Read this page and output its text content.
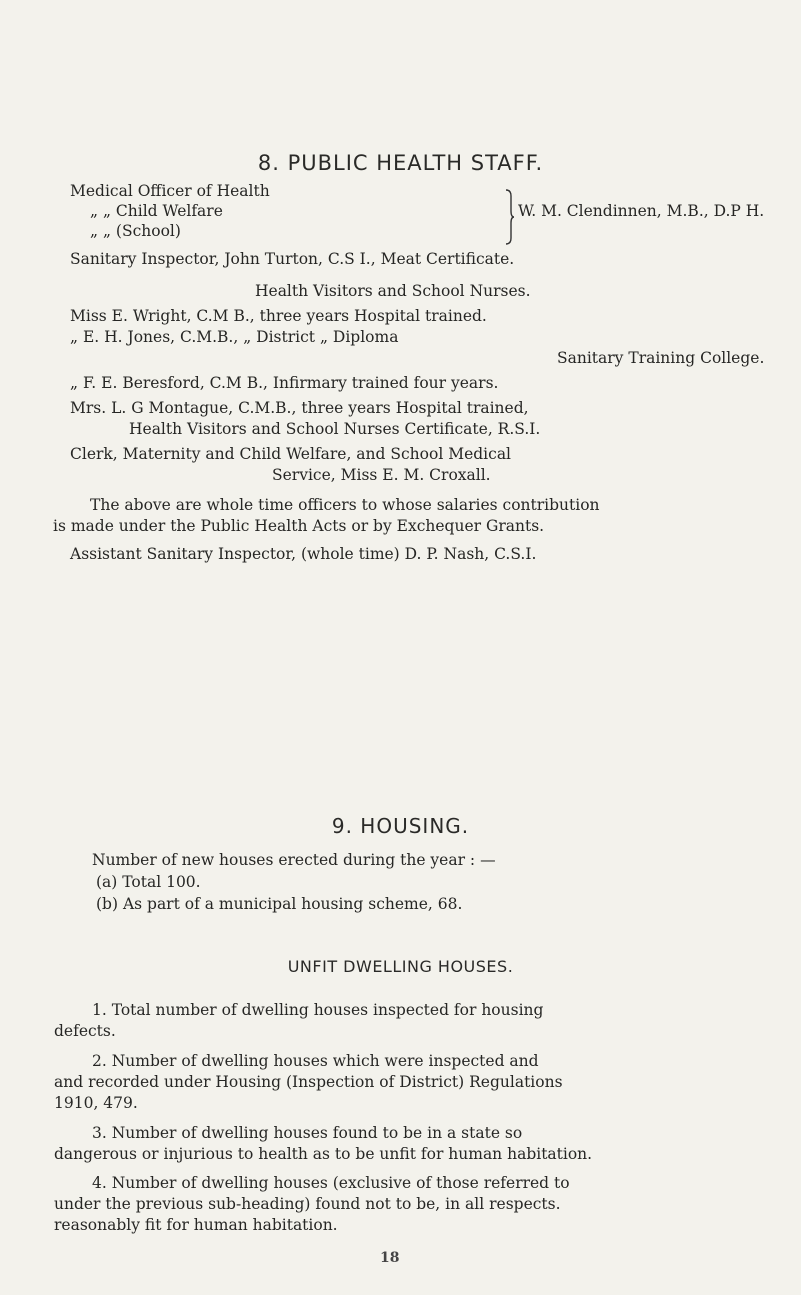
8. PUBLIC HEALTH STAFF.
Medical Officer of Health
„ „ Child Welfare
„ „ (School)
W. M. Clendinnen, M.B., D.P H.
Sanitary Inspector, John Turton, C.S I., Meat Certificate.
Health Visitors and School Nurses.
Miss E. Wright, C.M B., three years Hospital trained.
„ E. H. Jones, C.M.B., „ District „ Diploma
Sanitary Training College.
„ F. E. Beresford, C.M B., Infirmary trained four years.
Mrs. L. G Montague, C.M.B., three years Hospital trained,
Health Visitors and School Nurses Certificate, R.S.I.
Clerk, Maternity and Child Welfare, and School Medical
Service, Miss E. M. Croxall.
The above are whole time officers to whose salaries contribution
is made under the Public Health Acts or by Exchequer Grants.
Assistant Sanitary Inspector, (whole time) D. P. Nash, C.S.I.
9. HOUSING.
Number of new houses erected during the year : —
(a) Total 100.
(b) As part of a municipal housing scheme, 68.
UNFIT DWELLING HOUSES.
1. Total number of dwelling houses inspected for housing
defects.
2. Number of dwelling houses which were inspected and
and recorded under Housing (Inspection of District) Regulations
1910, 479.
3. Number of dwelling houses found to be in a state so
dangerous or injurious to health as to be unfit for human habitation.
4. Number of dwelling houses (exclusive of those referred to
under the previous sub-heading) found not to be, in all respects.
reasonably fit for human habitation.
18
